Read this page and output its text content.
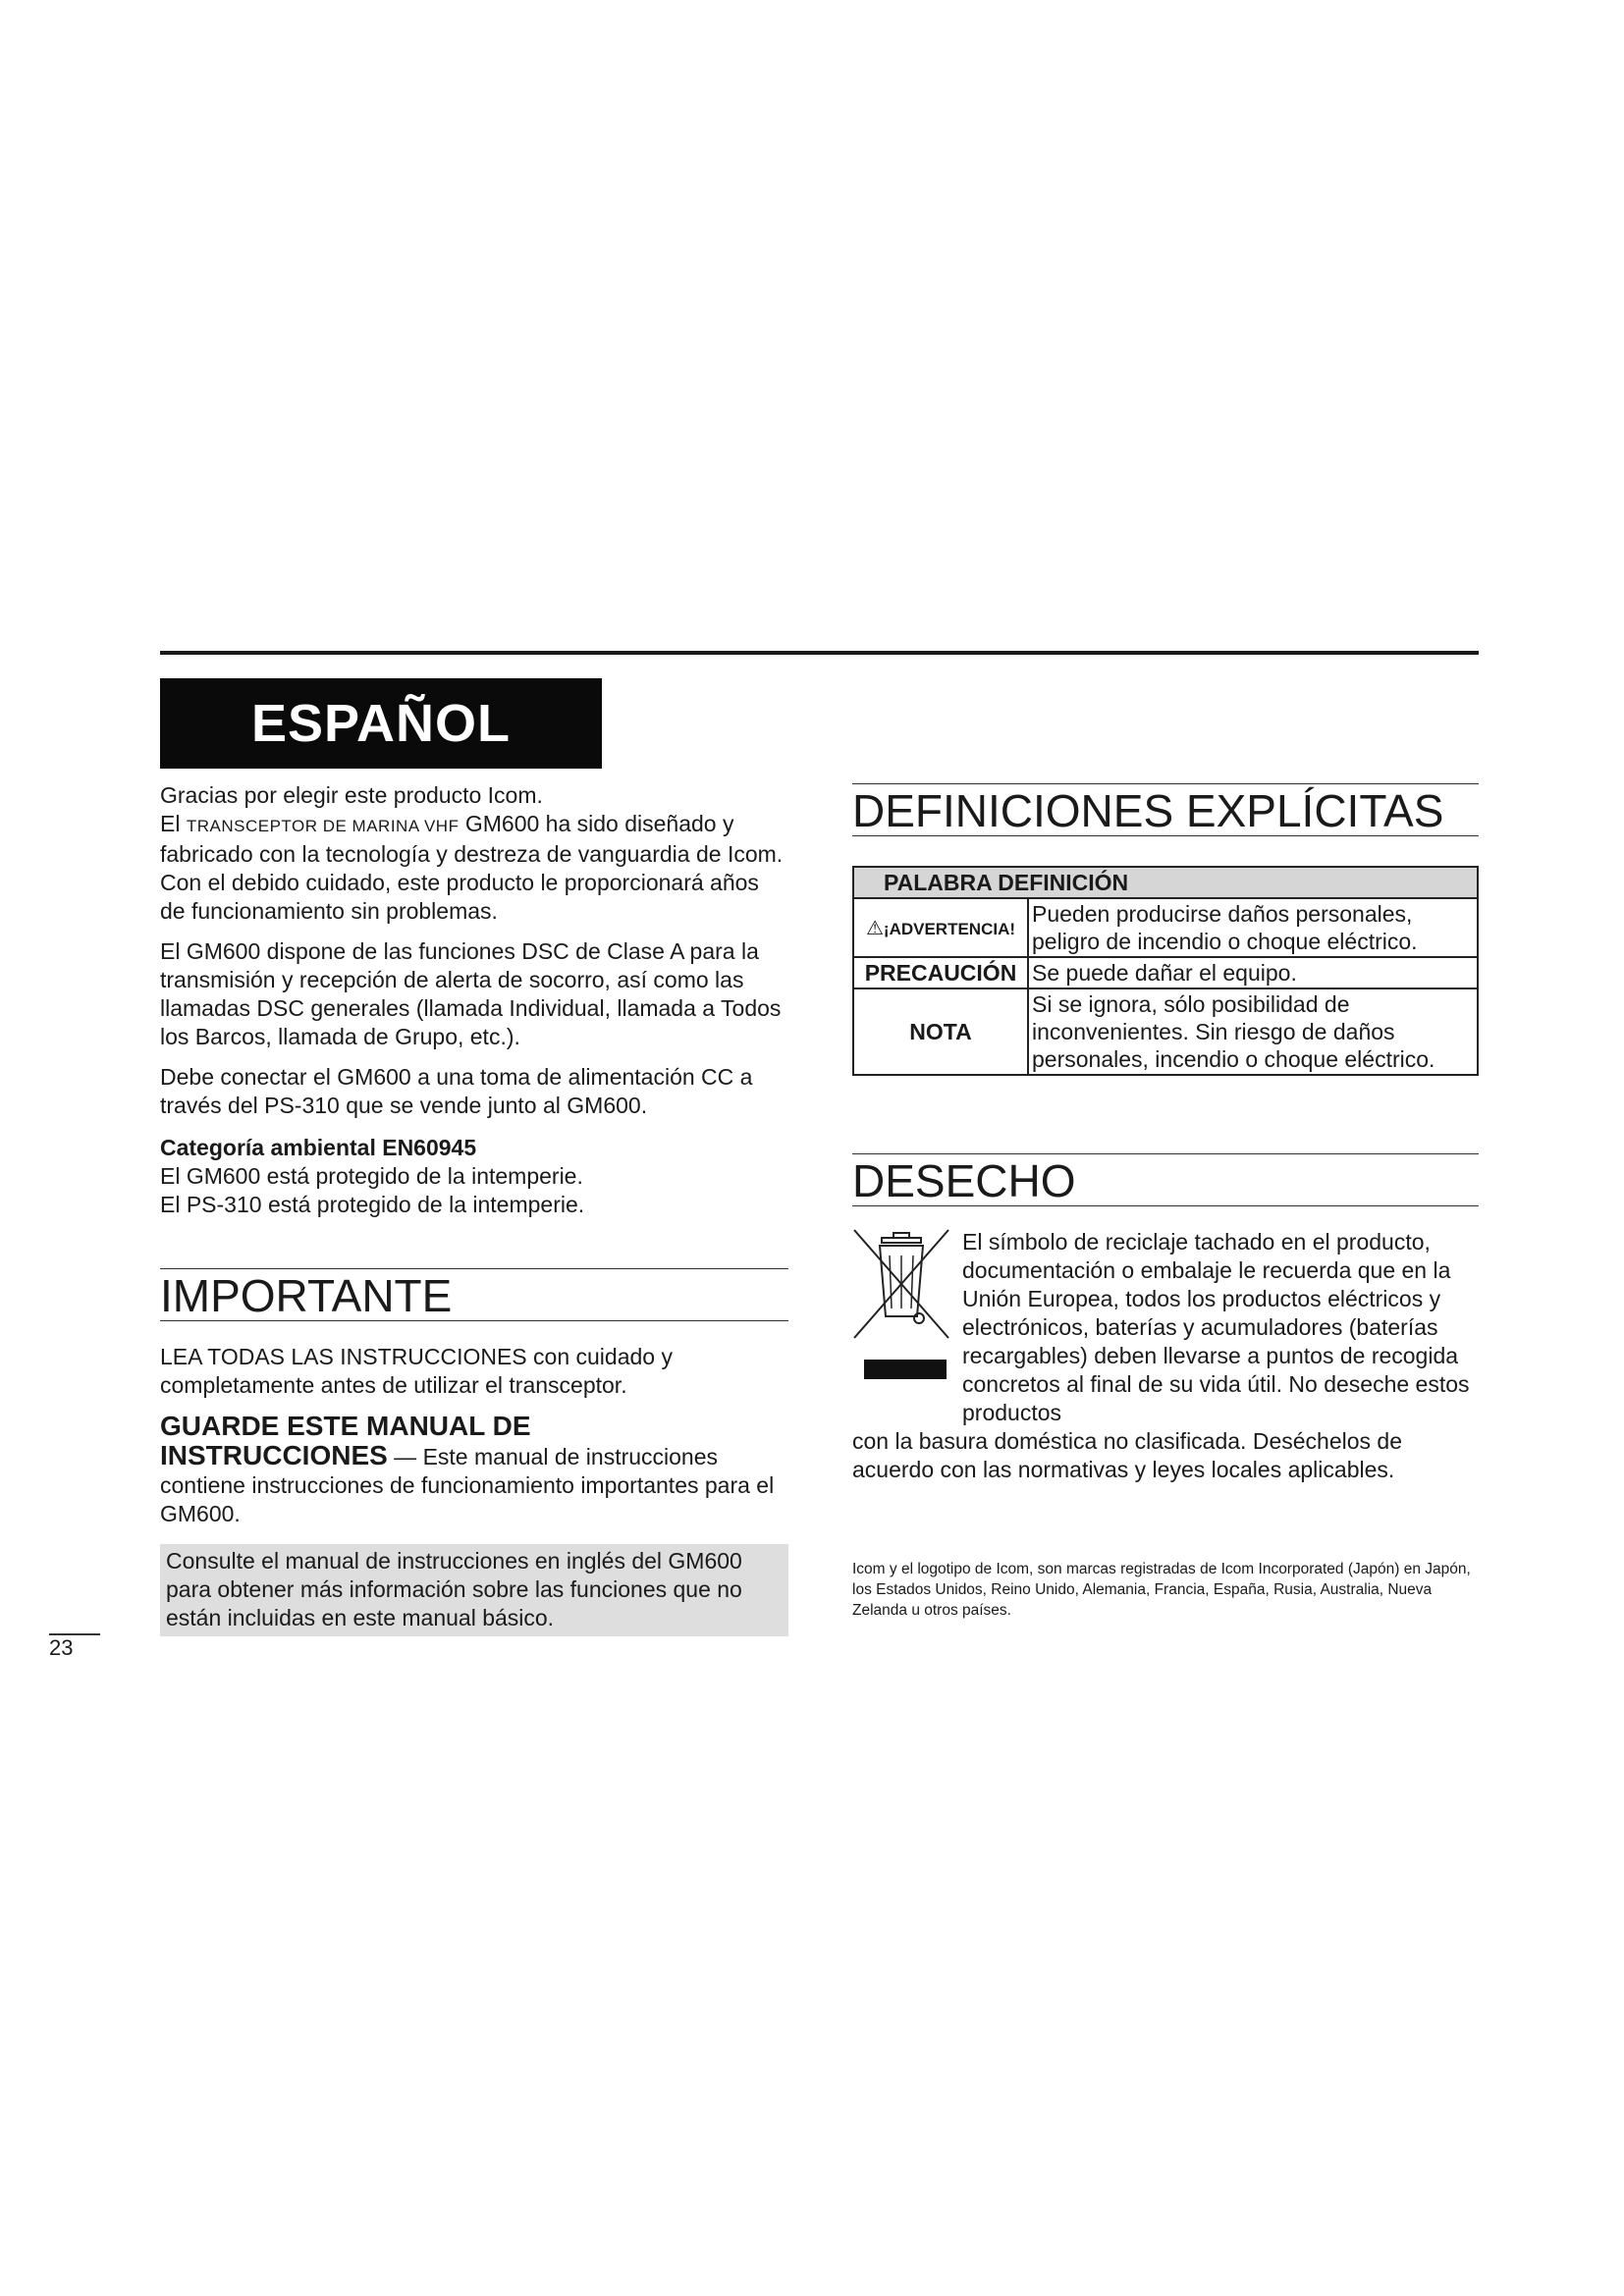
ESPAÑOL

Gracias por elegir este producto Icom.

El TRANSCEPTOR DE MARINA VHF GM600 ha sido diseñado y fabricado con la tecnología y destreza de vanguardia de Icom. Con el debido cuidado, este producto le proporcionará años de funcionamiento sin problemas.

El GM600 dispone de las funciones DSC de Clase A para la transmisión y recepción de alerta de socorro, así como las llamadas DSC generales (llamada Individual, llamada a Todos los Barcos, llamada de Grupo, etc.).

Debe conectar el GM600 a una toma de alimentación CC a través del PS-310 que se vende junto al GM600.

Categoría ambiental EN60945

El GM600 está protegido de la intemperie.

El PS-310 está protegido de la intemperie.

IMPORTANTE

LEA TODAS LAS INSTRUCCIONES con cuidado y completamente antes de utilizar el transceptor.

GUARDE ESTE MANUAL DE
INSTRUCCIONES — Este manual de instrucciones

contiene instrucciones de funcionamiento importantes para el GM600.

Consulte el manual de instrucciones en inglés del GM600 para obtener más información sobre las funciones que no están incluidas en este manual básico.
DEFINICIONES EXPLÍCITAS
PALABRA DEFINICIÓN	
⚠¡ADVERTENCIA!	Pueden producirse daños personales, peligro de incendio o choque eléctrico.
PRECAUCIÓN	Se puede dañar el equipo.
NOTA	Si se ignora, sólo posibilidad de inconvenientes. Sin riesgo de daños personales, incendio o choque eléctrico.
DESECHO

El símbolo de reciclaje tachado en el producto, documentación o embalaje le recuerda que en la Unión Europea, todos los productos eléctricos y electrónicos, baterías y acumuladores (baterías recargables) deben llevarse a puntos de recogida concretos al final de su vida útil. No deseche estos productos

con la basura doméstica no clasificada. Deséchelos de acuerdo con las normativas y leyes locales aplicables.

Icom y el logotipo de Icom, son marcas registradas de Icom Incorporated (Japón) en Japón, los Estados Unidos, Reino Unido, Alemania, Francia, España, Rusia, Australia, Nueva Zelanda u otros países.

23
